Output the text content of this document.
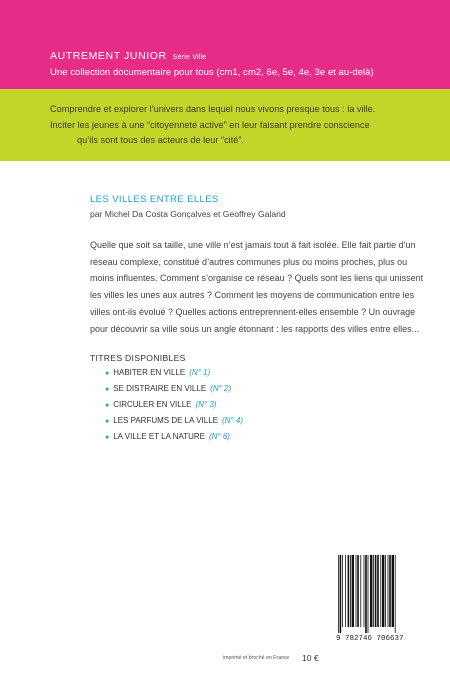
AUTREMENT JUNIOR Série Ville
Une collection documentaire pour tous (cm1, cm2, 6e, 5e, 4e, 3e et au-delà)

Comprendre et explorer l’univers dans lequel nous vivons presque tous : la ville.

Inciter les jeunes à une “citoyenneté active” en leur faisant prendre conscience

qu’ils sont tous des acteurs de leur “cité”.

LES VILLES ENTRE ELLES
par Michel Da Costa Gonçalves et Geoffrey Galand
Quelle que soit sa taille, une ville n’est jamais tout à fait isolée. Elle fait partie d’un
réseau complexe, constitué d’autres communes plus ou moins proches, plus ou
moins influentes. Comment s’organise ce réseau ? Quels sont les liens qui unissent
les villes les unes aux autres ? Comment les moyens de communication entre les
villes ont-ils évolué ? Quelles actions entreprennent-elles ensemble ? Un ouvrage
pour découvrir sa ville sous un angle étonnant : les rapports des villes entre elles...
TITRES DISPONIBLES
● HABITER EN VILLE (N° 1)
● SE DISTRAIRE EN VILLE (N° 2)
● CIRCULER EN VILLE (N° 3)
● LES PARFUMS DE LA VILLE (N° 4)
● LA VILLE ET LA NATURE (N° 6)
9 782746 706637
imprimé et broché en France 10 €
